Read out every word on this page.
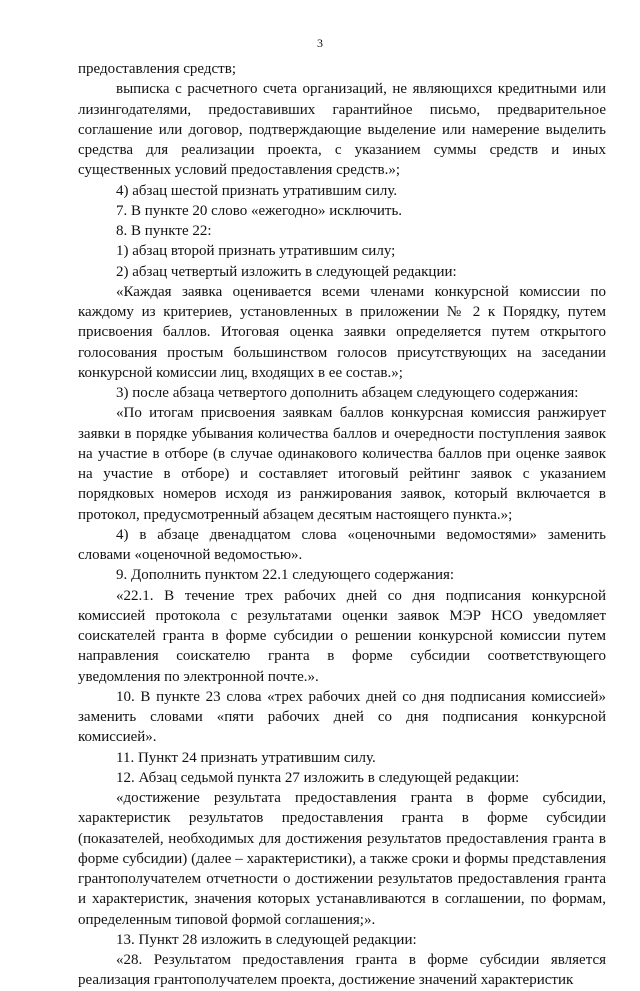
3

предоставления средств;

выписка с расчетного счета организаций, не являющихся кредитными или лизингодателями, предоставивших гарантийное письмо, предварительное соглашение или договор, подтверждающие выделение или намерение выделить средства для реализации проекта, с указанием суммы средств и иных существенных условий предоставления средств.»;

4) абзац шестой признать утратившим силу.

7. В пункте 20 слово «ежегодно» исключить.

8. В пункте 22:

1) абзац второй признать утратившим силу;

2) абзац четвертый изложить в следующей редакции:

«Каждая заявка оценивается всеми членами конкурсной комиссии по каждому из критериев, установленных в приложении № 2 к Порядку, путем присвоения баллов. Итоговая оценка заявки определяется путем открытого голосования простым большинством голосов присутствующих на заседании конкурсной комиссии лиц, входящих в ее состав.»;

3) после абзаца четвертого дополнить абзацем следующего содержания:

«По итогам присвоения заявкам баллов конкурсная комиссия ранжирует заявки в порядке убывания количества баллов и очередности поступления заявок на участие в отборе (в случае одинакового количества баллов при оценке заявок на участие в отборе) и составляет итоговый рейтинг заявок с указанием порядковых номеров исходя из ранжирования заявок, который включается в протокол, предусмотренный абзацем десятым настоящего пункта.»;

4) в абзаце двенадцатом слова «оценочными ведомостями» заменить словами «оценочной ведомостью».

9. Дополнить пунктом 22.1 следующего содержания:

«22.1. В течение трех рабочих дней со дня подписания конкурсной комиссией протокола с результатами оценки заявок МЭР НСО уведомляет соискателей гранта в форме субсидии о решении конкурсной комиссии путем направления соискателю гранта в форме субсидии соответствующего уведомления по электронной почте.».

10. В пункте 23 слова «трех рабочих дней со дня подписания комиссией» заменить словами «пяти рабочих дней со дня подписания конкурсной комиссией».

11. Пункт 24 признать утратившим силу.

12. Абзац седьмой пункта 27 изложить в следующей редакции:

«достижение результата предоставления гранта в форме субсидии, характеристик результатов предоставления гранта в форме субсидии (показателей, необходимых для достижения результатов предоставления гранта в форме субсидии) (далее – характеристики), а также сроки и формы представления грантополучателем отчетности о достижении результатов предоставления гранта и характеристик, значения которых устанавливаются в соглашении, по формам, определенным типовой формой соглашения;».

13. Пункт 28 изложить в следующей редакции:

«28. Результатом предоставления гранта в форме субсидии является реализация грантополучателем проекта, достижение значений характеристик
